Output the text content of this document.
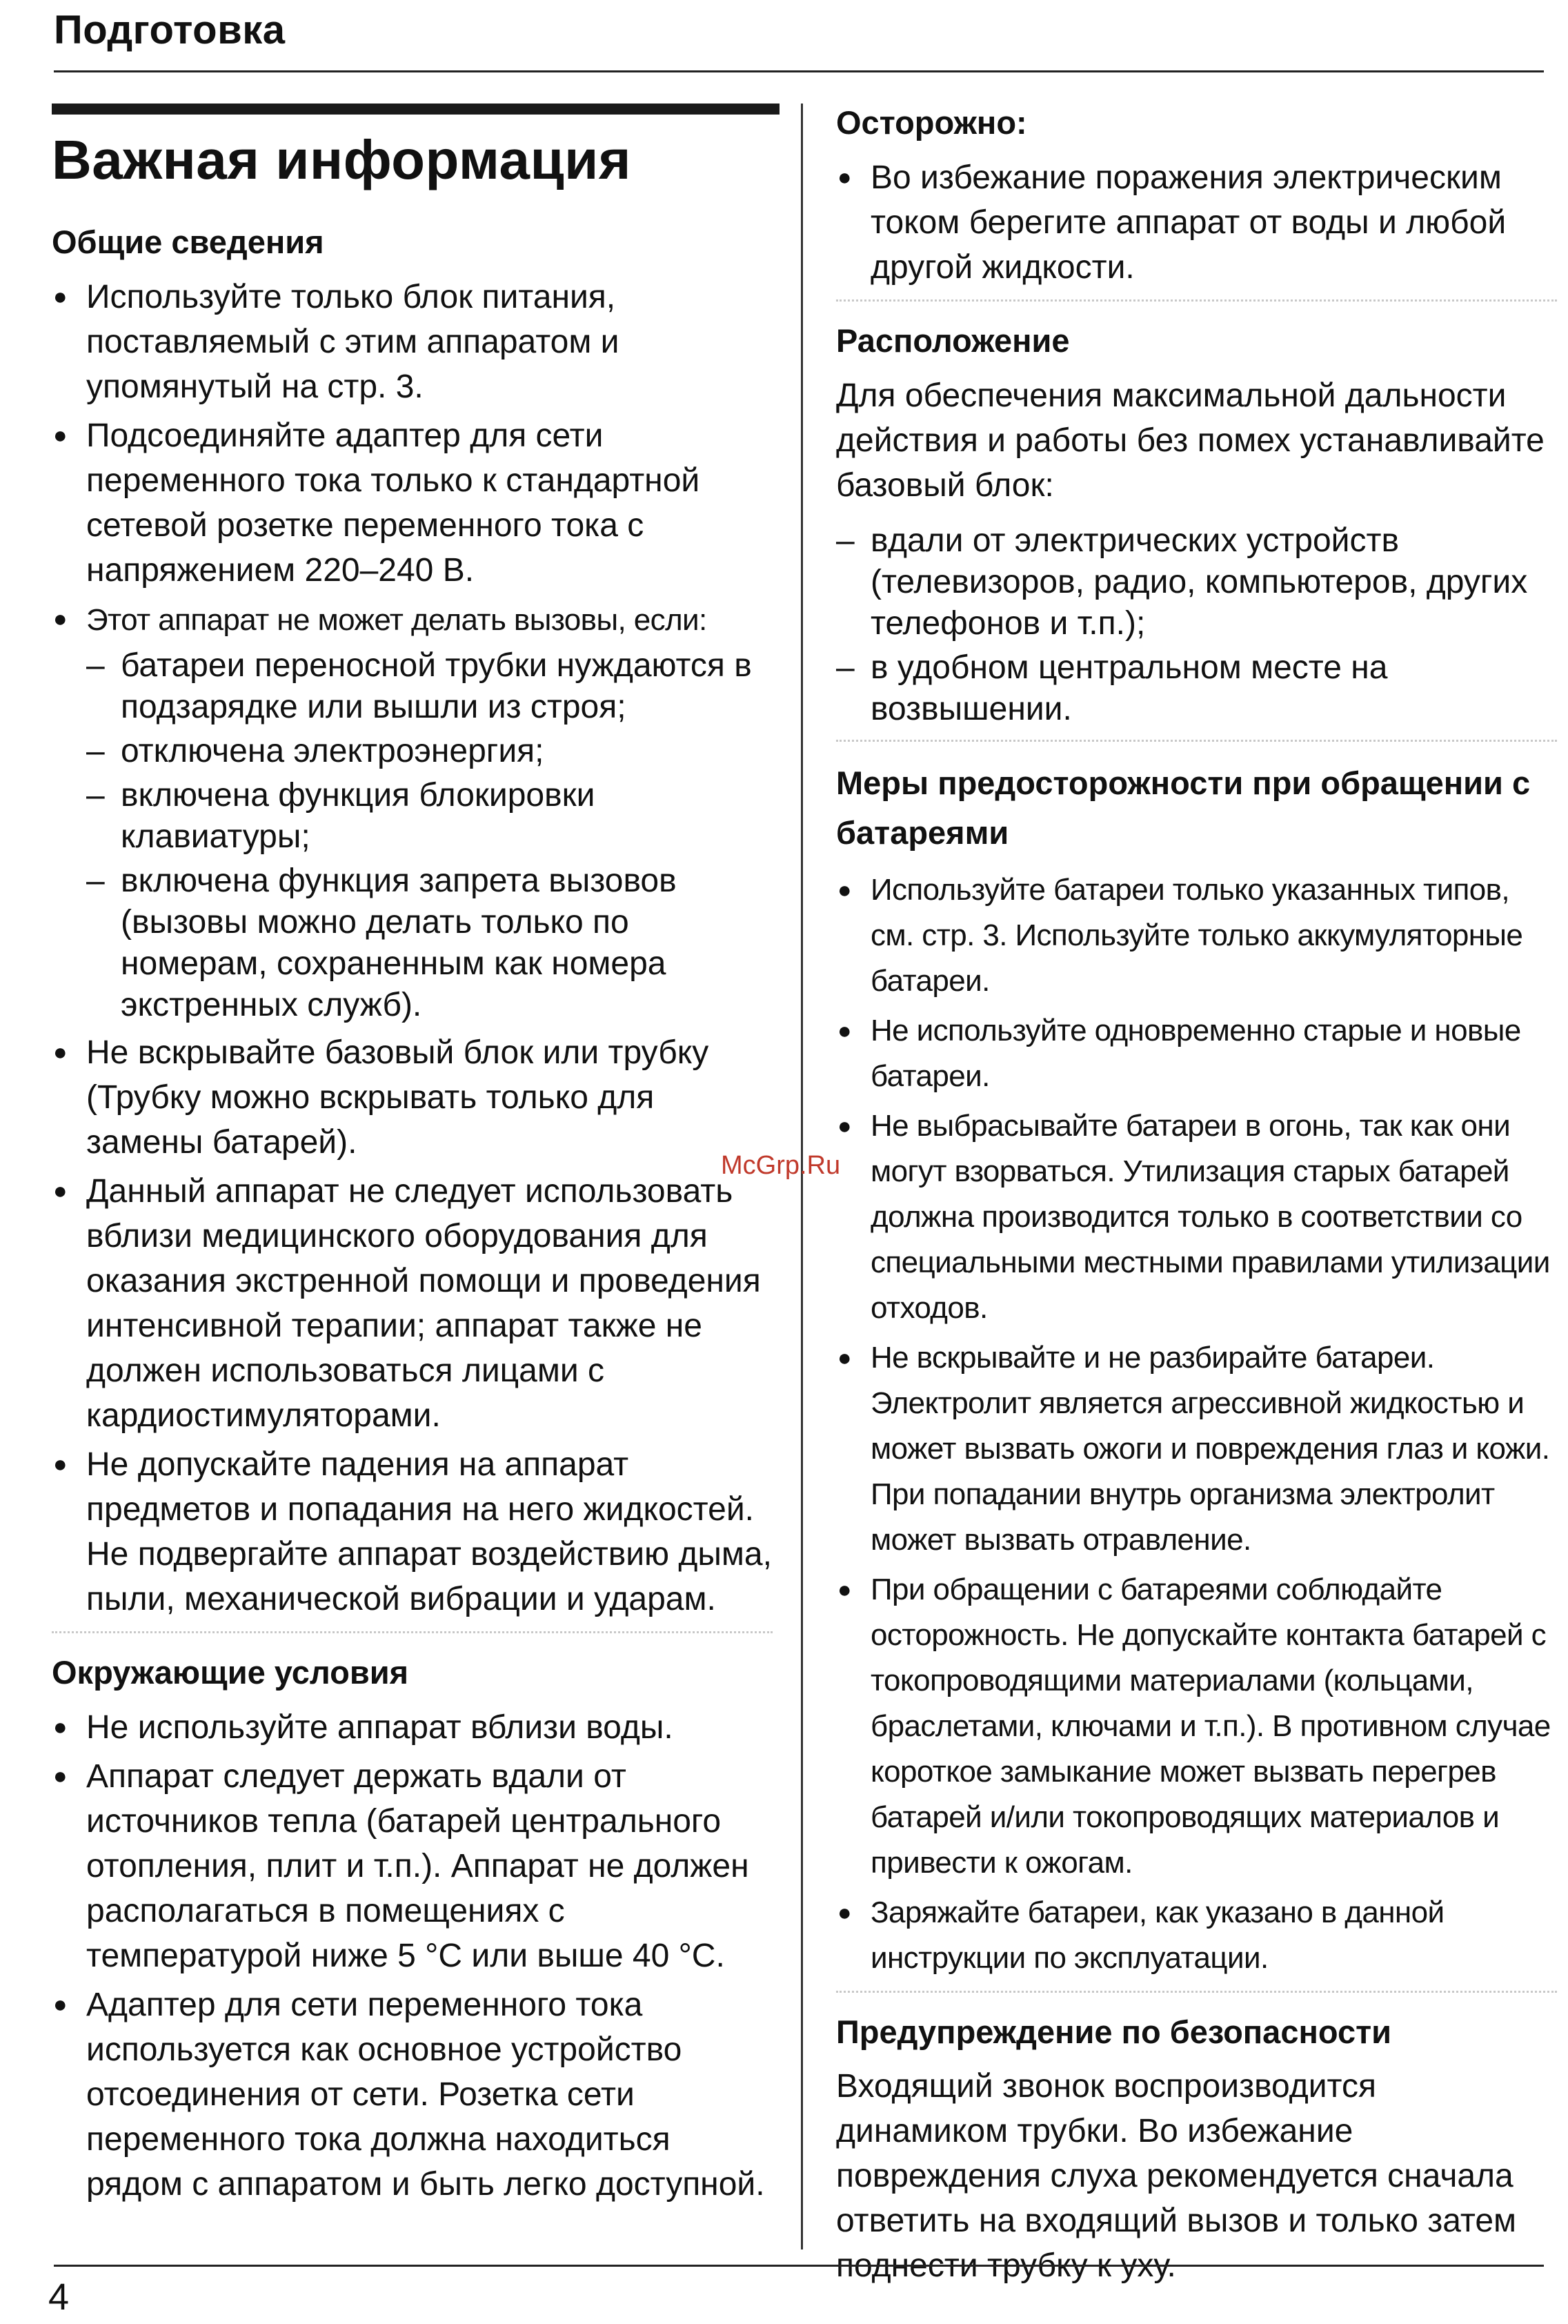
Подготовка
Важная информация
Общие сведения
● Используйте только блок питания, поставляемый с этим аппаратом и упомянутый на стр. 3.
● Подсоединяйте адаптер для сети переменного тока только к стандартной сетевой розетке переменного тока с напряжением 220–240 В.
● Этот аппарат не может делать вызовы, если:
– батареи переносной трубки нуждаются в подзарядке или вышли из строя;
– отключена электроэнергия;
– включена функция блокировки клавиатуры;
– включена функция запрета вызовов (вызовы можно делать только по номерам, сохраненным как номера экстренных служб).
● Не вскрывайте базовый блок или трубку (Трубку можно вскрывать только для замены батарей).
● Данный аппарат не следует использовать вблизи медицинского оборудования для оказания экстренной помощи и проведения интенсивной терапии; аппарат также не должен использоваться лицами с кардиостимуляторами.
● Не допускайте падения на аппарат предметов и попадания на него жидкостей. Не подвергайте аппарат воздействию дыма, пыли, механической вибрации и ударам.
Окружающие условия
● Не используйте аппарат вблизи воды.
● Аппарат следует держать вдали от источников тепла (батарей центрального отопления, плит и т.п.). Аппарат не должен располагаться в помещениях с температурой ниже 5 °C или выше 40 °C.
● Адаптер для сети переменного тока используется как основное устройство отсоединения от сети. Розетка сети переменного тока должна находиться рядом с аппаратом и быть легко доступной.
Осторожно:
● Во избежание поражения электрическим током берегите аппарат от воды и любой другой жидкости.
Расположение

Для обеспечения максимальной дальности действия и работы без помех устанавливайте базовый блок:

– вдали от электрических устройств (телевизоров, радио, компьютеров, других телефонов и т.п.);
– в удобном центральном месте на возвышении.
Меры предосторожности при обращении с батареями
● Используйте батареи только указанных типов, см. стр. 3. Используйте только аккумуляторные батареи.
● Не используйте одновременно старые и новые батареи.
● Не выбрасывайте батареи в огонь, так как они могут взорваться. Утилизация старых батарей должна производится только в соответствии со специальными местными правилами утилизации отходов.
● Не вскрывайте и не разбирайте батареи. Электролит является агрессивной жидкостью и может вызвать ожоги и повреждения глаз и кожи. При попадании внутрь организма электролит может вызвать отравление.
● При обращении с батареями соблюдайте осторожность. Не допускайте контакта батарей с токопроводящими материалами (кольцами, браслетами, ключами и т.п.). В противном случае короткое замыкание может вызвать перегрев батарей и/или токопроводящих материалов и привести к ожогам.
● Заряжайте батареи, как указано в данной инструкции по эксплуатации.
Предупреждение по безопасности

Входящий звонок воспроизводится динамиком трубки. Во избежание повреждения слуха рекомендуется сначала ответить на входящий вызов и только затем поднести трубку к уху.

McGrp.Ru
4
